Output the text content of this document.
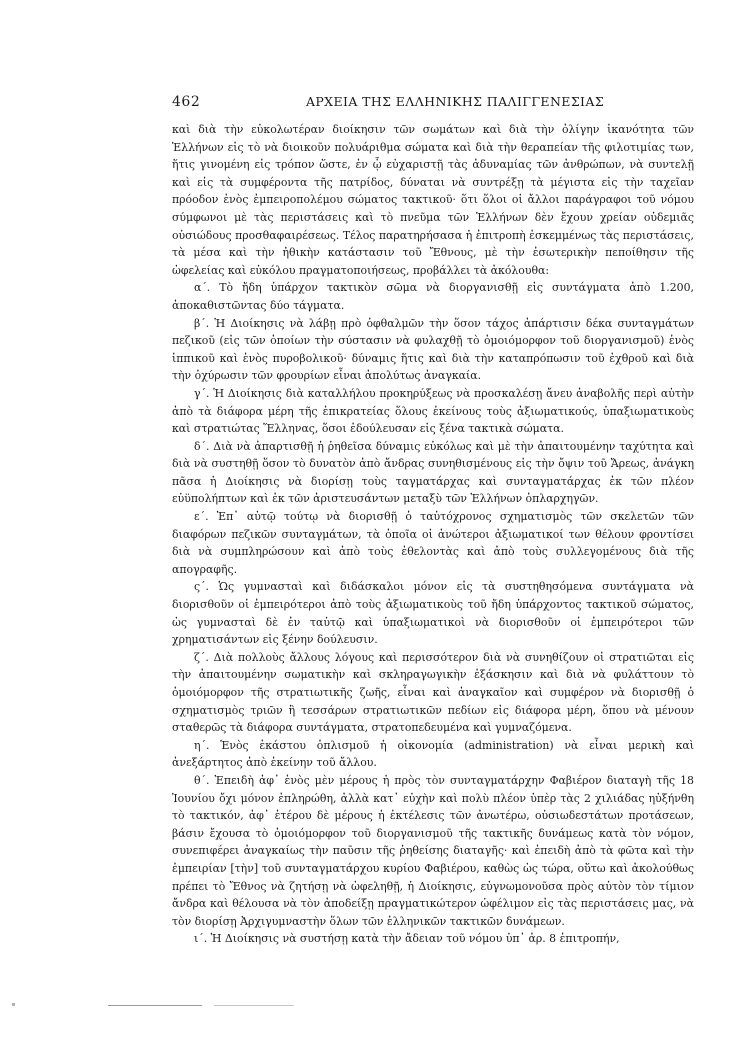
462	ΑΡΧΕΙΑ ΤΗΣ ΕΛΛΗΝΙΚΗΣ ΠΑΛΙΓΓΕΝΕΣΙΑΣ

καὶ διὰ τὴν εὐκολωτέραν διοίκησιν τῶν σωμάτων καὶ διὰ τὴν ὀλίγην ἱκανότητα τῶν Ἑλλήνων εἰς τὸ νὰ διοικοῦν πολυάριθμα σώματα καὶ διὰ τὴν θεραπείαν τῆς φιλοτιμίας των, ἥτις γινομένη εἰς τρόπον ὥστε, ἐν ᾧ εὐχαριστῇ τὰς ἀδυναμίας τῶν ἀνθρώπων, νὰ συντελῇ καὶ εἰς τὰ συμφέροντα τῆς πατρίδος, δύναται νὰ συντρέξῃ τὰ μέγιστα εἰς τὴν ταχεῖαν πρόοδον ἑνὸς ἐμπειροπολέμου σώματος τακτικοῦ· ὅτι ὅλοι οἱ ἄλλοι παράγραφοι τοῦ νόμου σύμφωνοι μὲ τὰς περιστάσεις καὶ τὸ πνεῦμα τῶν Ἑλλήνων δὲν ἔχουν χρείαν οὐδεμιᾶς οὐσιώδους προσθαφαιρέσεως. Τέλος παρατηρήσασα ἡ ἐπιτροπὴ ἐσκεμμένως τὰς περιστάσεις, τὰ μέσα καὶ τὴν ἠθικὴν κατάστασιν τοῦ Ἔθνους, μὲ τὴν ἐσωτερικὴν πεποίθησιν τῆς ὠφελείας καὶ εὐκόλου πραγματοποιήσεως, προβάλλει τὰ ἀκόλουθα:

α΄. Τὸ ἤδη ὑπάρχον τακτικὸν σῶμα νὰ διοργανισθῇ εἰς συντάγματα ἀπὸ 1.200, ἀποκαθιστῶντας δύο τάγματα.

β΄. Ἡ Διοίκησις νὰ λάβῃ πρὸ ὀφθαλμῶν τὴν ὅσον τάχος ἀπάρτισιν δέκα συνταγμάτων πεζικοῦ (εἰς τῶν ὁποίων τὴν σύστασιν νὰ φυλαχθῇ τὸ ὁμοιόμορφον τοῦ διοργανισμοῦ) ἑνὸς ἱππικοῦ καὶ ἑνὸς πυροβολικοῦ· δύναμις ἥτις καὶ διὰ τὴν καταπρόπωσιν τοῦ ἐχθροῦ καὶ διὰ τὴν ὀχύρωσιν τῶν φρουρίων εἶναι ἀπολύτως ἀναγκαία.

γ΄. Ἡ Διοίκησις διὰ καταλλήλου προκηρύξεως νὰ προσκαλέσῃ ἄνευ ἀναβολῆς περὶ αὐτὴν ἀπὸ τὰ διάφορα μέρη τῆς ἐπικρατείας ὅλους ἐκείνους τοὺς ἀξιωματικούς, ὑπαξιωματικοὺς καὶ στρατιώτας Ἕλληνας, ὅσοι ἐδούλευσαν εἰς ξένα τακτικὰ σώματα.

δ΄. Διὰ νὰ ἀπαρτισθῇ ἡ ῥηθεῖσα δύναμις εὐκόλως καὶ μὲ τὴν ἀπαιτουμένην ταχύτητα καὶ διὰ νὰ συστηθῇ ὅσον τὸ δυνατὸν ἀπὸ ἄνδρας συνηθισμένους εἰς τὴν ὄψιν τοῦ Ἄρεως, ἀνάγκη πᾶσα ἡ Διοίκησις νὰ διορίσῃ τοὺς ταγματάρχας καὶ συνταγματάρχας ἐκ τῶν πλέον εὐϋπολήπτων καὶ ἐκ τῶν ἀριστευσάντων μεταξὺ τῶν Ἑλλήνων ὁπλαρχηγῶν.

ε΄. Ἐπ᾽ αὐτῷ τούτῳ νὰ διορισθῇ ὁ ταὐτόχρονος σχηματισμὸς τῶν σκελετῶν τῶν διαφόρων πεζικῶν συνταγμάτων, τὰ ὁποῖα οἱ ἀνώτεροι ἀξιωματικοί των θέλουν φροντίσει διὰ νὰ συμπληρώσουν καὶ ἀπὸ τοὺς ἐθελοντὰς καὶ ἀπὸ τοὺς συλλεγομένους διὰ τῆς απογραφῆς.

ς΄. Ὡς γυμνασταὶ καὶ διδάσκαλοι μόνον εἰς τὰ συστηθησόμενα συντάγματα νὰ διορισθοῦν οἱ ἐμπειρότεροι ἀπὸ τοὺς ἀξιωματικοὺς τοῦ ἤδη ὑπάρχοντος τακτικοῦ σώματος, ὡς γυμνασταὶ δὲ ἐν ταὐτῷ καὶ ὑπαξιωματικοὶ νὰ διορισθοῦν οἱ ἐμπειρότεροι τῶν χρηματισάντων εἰς ξένην δούλευσιν.

ζ΄. Διὰ πολλοὺς ἄλλους λόγους καὶ περισσότερον διὰ νὰ συνηθίζουν οἱ στρατιῶται εἰς τὴν ἀπαιτουμένην σωματικὴν καὶ σκληραγωγικὴν ἐξάσκησιν καὶ διὰ νὰ φυλάττουν τὸ ὁμοιόμορφον τῆς στρατιωτικῆς ζωῆς, εἶναι καὶ ἀναγκαῖον καὶ συμφέρον νὰ διορισθῇ ὁ σχηματισμὸς τριῶν ἢ τεσσάρων στρατιωτικῶν πεδίων εἰς διάφορα μέρη, ὅπου νὰ μένουν σταθερῶς τὰ διάφορα συντάγματα, στρατοπεδευμένα καὶ γυμναζόμενα.

η΄. Ἑνὸς ἑκάστου ὁπλισμοῦ ἡ οἰκονομία (administration) νὰ εἶναι μερικὴ καὶ ἀνεξάρτητος ἀπὸ ἐκείνην τοῦ ἄλλου.

θ΄. Ἐπειδὴ ἀφ᾽ ἑνὸς μὲν μέρους ἡ πρὸς τὸν συνταγματάρχην Φαβιέρον διαταγὴ τῆς 18 Ἰουνίου ὄχι μόνον ἐπληρώθη, ἀλλὰ κατ᾽ εὐχὴν καὶ πολὺ πλέον ὑπὲρ τὰς 2 χιλιάδας ηὐξήνθη τὸ τακτικόν, ἀφ᾽ ἑτέρου δὲ μέρους ἡ ἐκτέλεσις τῶν ἀνωτέρω, οὐσιωδεστάτων προτάσεων, βάσιν ἔχουσα τὸ ὁμοιόμορφον τοῦ διοργανισμοῦ τῆς τακτικῆς δυνάμεως κατὰ τὸν νόμον, συνεπιφέρει ἀναγκαίως τὴν παῦσιν τῆς ῥηθείσης διαταγῆς· καὶ ἐπειδὴ ἀπὸ τὰ φῶτα καὶ τὴν ἐμπειρίαν [τὴν] τοῦ συνταγματάρχου κυρίου Φαβιέρου, καθὼς ὡς τώρα, οὕτω καὶ ἀκολούθως πρέπει τὸ Ἔθνος νὰ ζητήσῃ νὰ ὠφεληθῇ, ἡ Διοίκησις, εὐγνωμονοῦσα πρὸς αὐτὸν τὸν τίμιον ἄνδρα καὶ θέλουσα νὰ τὸν ἀποδείξῃ πραγματικώτερον ὠφέλιμον εἰς τὰς περιστάσεις μας, νὰ τὸν διορίσῃ Ἀρχιγυμναστὴν ὅλων τῶν ἑλληνικῶν τακτικῶν δυνάμεων.

ι΄. Ἡ Διοίκησις νὰ συστήσῃ κατὰ τὴν ἄδειαν τοῦ νόμου ὑπ᾽ ἀρ. 8 ἐπιτροπήν,
